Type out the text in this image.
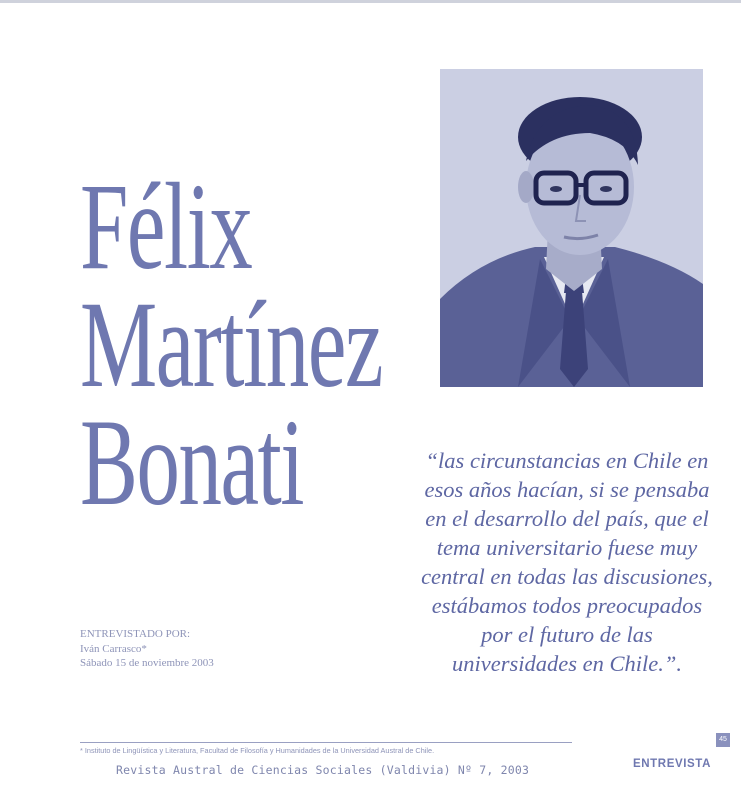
Félix
Martínez
Bonati	“las circunstancias en Chile en
esos años hacían, si se pensaba
en el desarrollo del país, que el
tema universitario fuese muy
central en todas las discusiones,
estábamos todos preocupados
por el futuro de las
universidades en Chile.”.
ENTREVISTADO POR:
Iván Carrasco*
Sábado 15 de noviembre 2003
* Instituto de Lingüística y Literatura, Facultad de Filosofía y Humanidades de la Universidad Austral de Chile.
Revista Austral de Ciencias Sociales (Valdivia) Nº 7, 2003
45
ENTREVISTA
